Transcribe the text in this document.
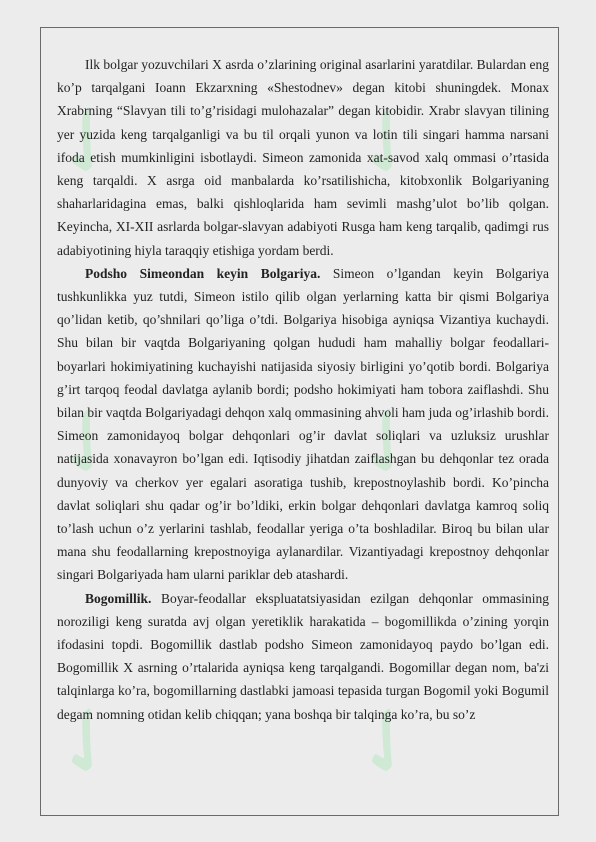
✓ ✓
✓ ✓
✓ ✓

Ilk bolgar yozuvchilari X asrda o’zlarining original asarlarini yaratdilar. Bulardan eng ko’p tarqalgani Ioann Ekzarxning «Shestodnev» degan kitobi shuningdek. Monax Xrabrning “Slavyan tili to’g’risidagi mulohazalar” degan kitobidir. Xrabr slavyan tilining yer yuzida keng tarqalganligi va bu til orqali yunon va lotin tili singari hamma narsani ifoda etish mumkinligini isbotlaydi. Simeon zamonida xat-savod xalq ommasi o’rtasida keng tarqaldi. X asrga oid manbalarda ko’rsatilishicha, kitobxonlik Bolgariyaning shaharlaridagina emas, balki qishloqlarida ham sevimli mashg’ulot bo’lib qolgan. Keyincha, XI-XII asrlarda bolgar-slavyan adabiyoti Rusga ham keng tarqalib, qadimgi rus adabiyotining hiyla taraqqiy etishiga yordam berdi.

Podsho Simeondan keyin Bolgariya. Simeon o’lgandan keyin Bolgariya tushkunlikka yuz tutdi, Simeon istilo qilib olgan yerlarning katta bir qismi Bolgariya qo’lidan ketib, qo’shnilari qo’liga o’tdi. Bolgariya hisobiga ayniqsa Vizantiya kuchaydi. Shu bilan bir vaqtda Bolgariyaning qolgan hududi ham mahalliy bolgar feodallari-boyarlari hokimiyatining kuchayishi natijasida siyosiy birligini yo’qotib bordi. Bolgariya g’irt tarqoq feodal davlatga aylanib bordi; podsho hokimiyati ham tobora zaiflashdi. Shu bilan bir vaqtda Bolgariyadagi dehqon xalq ommasining ahvoli ham juda og’irlashib bordi. Simeon zamonidayoq bolgar dehqonlari og’ir davlat soliqlari va uzluksiz urushlar natijasida xonavayron bo’lgan edi. Iqtisodiy jihatdan zaiflashgan bu dehqonlar tez orada dunyoviy va cherkov yer egalari asoratiga tushib, krepostnoylashib bordi. Ko’pincha davlat soliqlari shu qadar og’ir bo’ldiki, erkin bolgar dehqonlari davlatga kamroq soliq to’lash uchun o’z yerlarini tashlab, feodallar yeriga o’ta boshladilar. Biroq bu bilan ular mana shu feodallarning krepostnoyiga aylanardilar. Vizantiyadagi krepostnoy dehqonlar singari Bolgariyada ham ularni pariklar deb atashardi.

Bogomillik. Boyar-feodallar ekspluatatsiyasidan ezilgan dehqonlar ommasining noroziligi keng suratda avj olgan yeretiklik harakatida – bogomillikda o’zining yorqin ifodasini topdi. Bogomillik dastlab podsho Simeon zamonidayoq paydo bo’lgan edi. Bogomillik X asrning o’rtalarida ayniqsa keng tarqalgandi. Bogomillar degan nom, ba'zi talqinlarga ko’ra, bogomillarning dastlabki jamoasi tepasida turgan Bogomil yoki Bogumil degam nomning otidan kelib chiqqan; yana boshqa bir talqinga ko’ra, bu so’z
